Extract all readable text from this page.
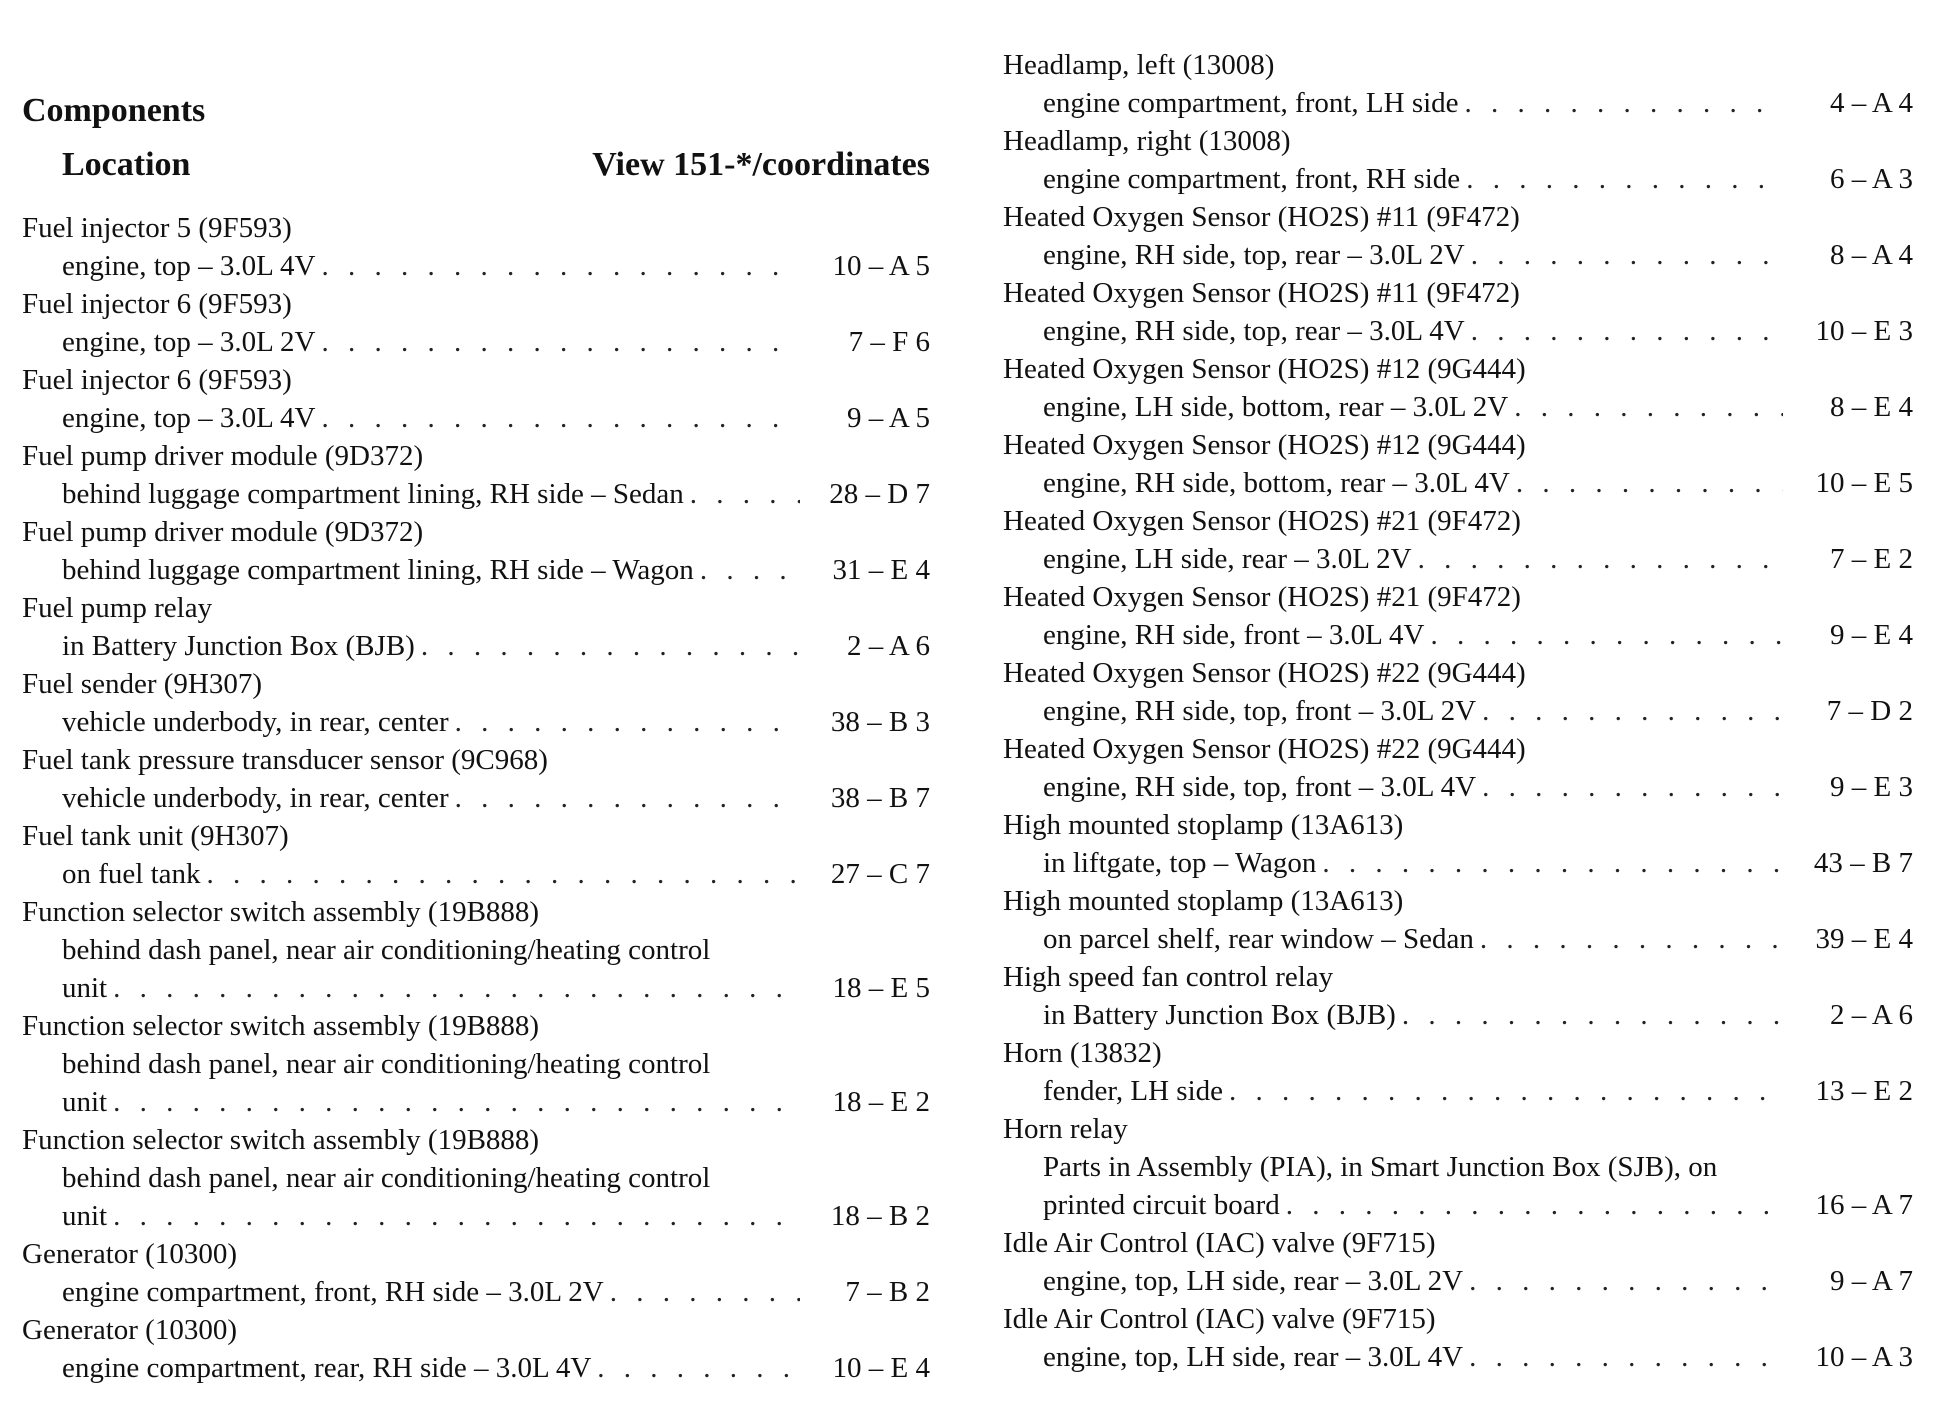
Components
Location	View 151-*/coordinates
Fuel injector 5 (9F593)
engine, top – 3.0L 4V . . .	10 – A 5
Fuel injector 6 (9F593)
engine, top – 3.0L 2V . . .	7 – F 6
Fuel injector 6 (9F593)
engine, top – 3.0L 4V . . .	9 – A 5
Fuel pump driver module (9D372)
behind luggage compartment lining, RH side – Sedan . . .	28 – D 7
Fuel pump driver module (9D372)
behind luggage compartment lining, RH side – Wagon . . .	31 – E 4
Fuel pump relay
in Battery Junction Box (BJB) . . .	2 – A 6
Fuel sender (9H307)
vehicle underbody, in rear, center . . .	38 – B 3
Fuel tank pressure transducer sensor (9C968)
vehicle underbody, in rear, center . . .	38 – B 7
Fuel tank unit (9H307)
on fuel tank . . .	27 – C 7
Function selector switch assembly (19B888)
behind dash panel, near air conditioning/heating control
unit . . .	18 – E 5
Function selector switch assembly (19B888)
behind dash panel, near air conditioning/heating control
unit . . .	18 – E 2
Function selector switch assembly (19B888)
behind dash panel, near air conditioning/heating control
unit . . .	18 – B 2
Generator (10300)
engine compartment, front, RH side – 3.0L 2V . . .	7 – B 2
Generator (10300)
engine compartment, rear, RH side – 3.0L 4V . . .	10 – E 4
Headlamp, left (13008)
engine compartment, front, LH side . . .	4 – A 4
Headlamp, right (13008)
engine compartment, front, RH side . . .	6 – A 3
Heated Oxygen Sensor (HO2S) #11 (9F472)
engine, RH side, top, rear – 3.0L 2V . . .	8 – A 4
Heated Oxygen Sensor (HO2S) #11 (9F472)
engine, RH side, top, rear – 3.0L 4V . . .	10 – E 3
Heated Oxygen Sensor (HO2S) #12 (9G444)
engine, LH side, bottom, rear – 3.0L 2V . . .	8 – E 4
Heated Oxygen Sensor (HO2S) #12 (9G444)
engine, RH side, bottom, rear – 3.0L 4V . . .	10 – E 5
Heated Oxygen Sensor (HO2S) #21 (9F472)
engine, LH side, rear – 3.0L 2V . . .	7 – E 2
Heated Oxygen Sensor (HO2S) #21 (9F472)
engine, RH side, front – 3.0L 4V . . .	9 – E 4
Heated Oxygen Sensor (HO2S) #22 (9G444)
engine, RH side, top, front – 3.0L 2V . . .	7 – D 2
Heated Oxygen Sensor (HO2S) #22 (9G444)
engine, RH side, top, front – 3.0L 4V . . .	9 – E 3
High mounted stoplamp (13A613)
in liftgate, top – Wagon . . .	43 – B 7
High mounted stoplamp (13A613)
on parcel shelf, rear window – Sedan . . .	39 – E 4
High speed fan control relay
in Battery Junction Box (BJB) . . .	2 – A 6
Horn (13832)
fender, LH side . . .	13 – E 2
Horn relay
Parts in Assembly (PIA), in Smart Junction Box (SJB), on
printed circuit board . . .	16 – A 7
Idle Air Control (IAC) valve (9F715)
engine, top, LH side, rear – 3.0L 2V . . .	9 – A 7
Idle Air Control (IAC) valve (9F715)
engine, top, LH side, rear – 3.0L 4V . . .	10 – A 3
